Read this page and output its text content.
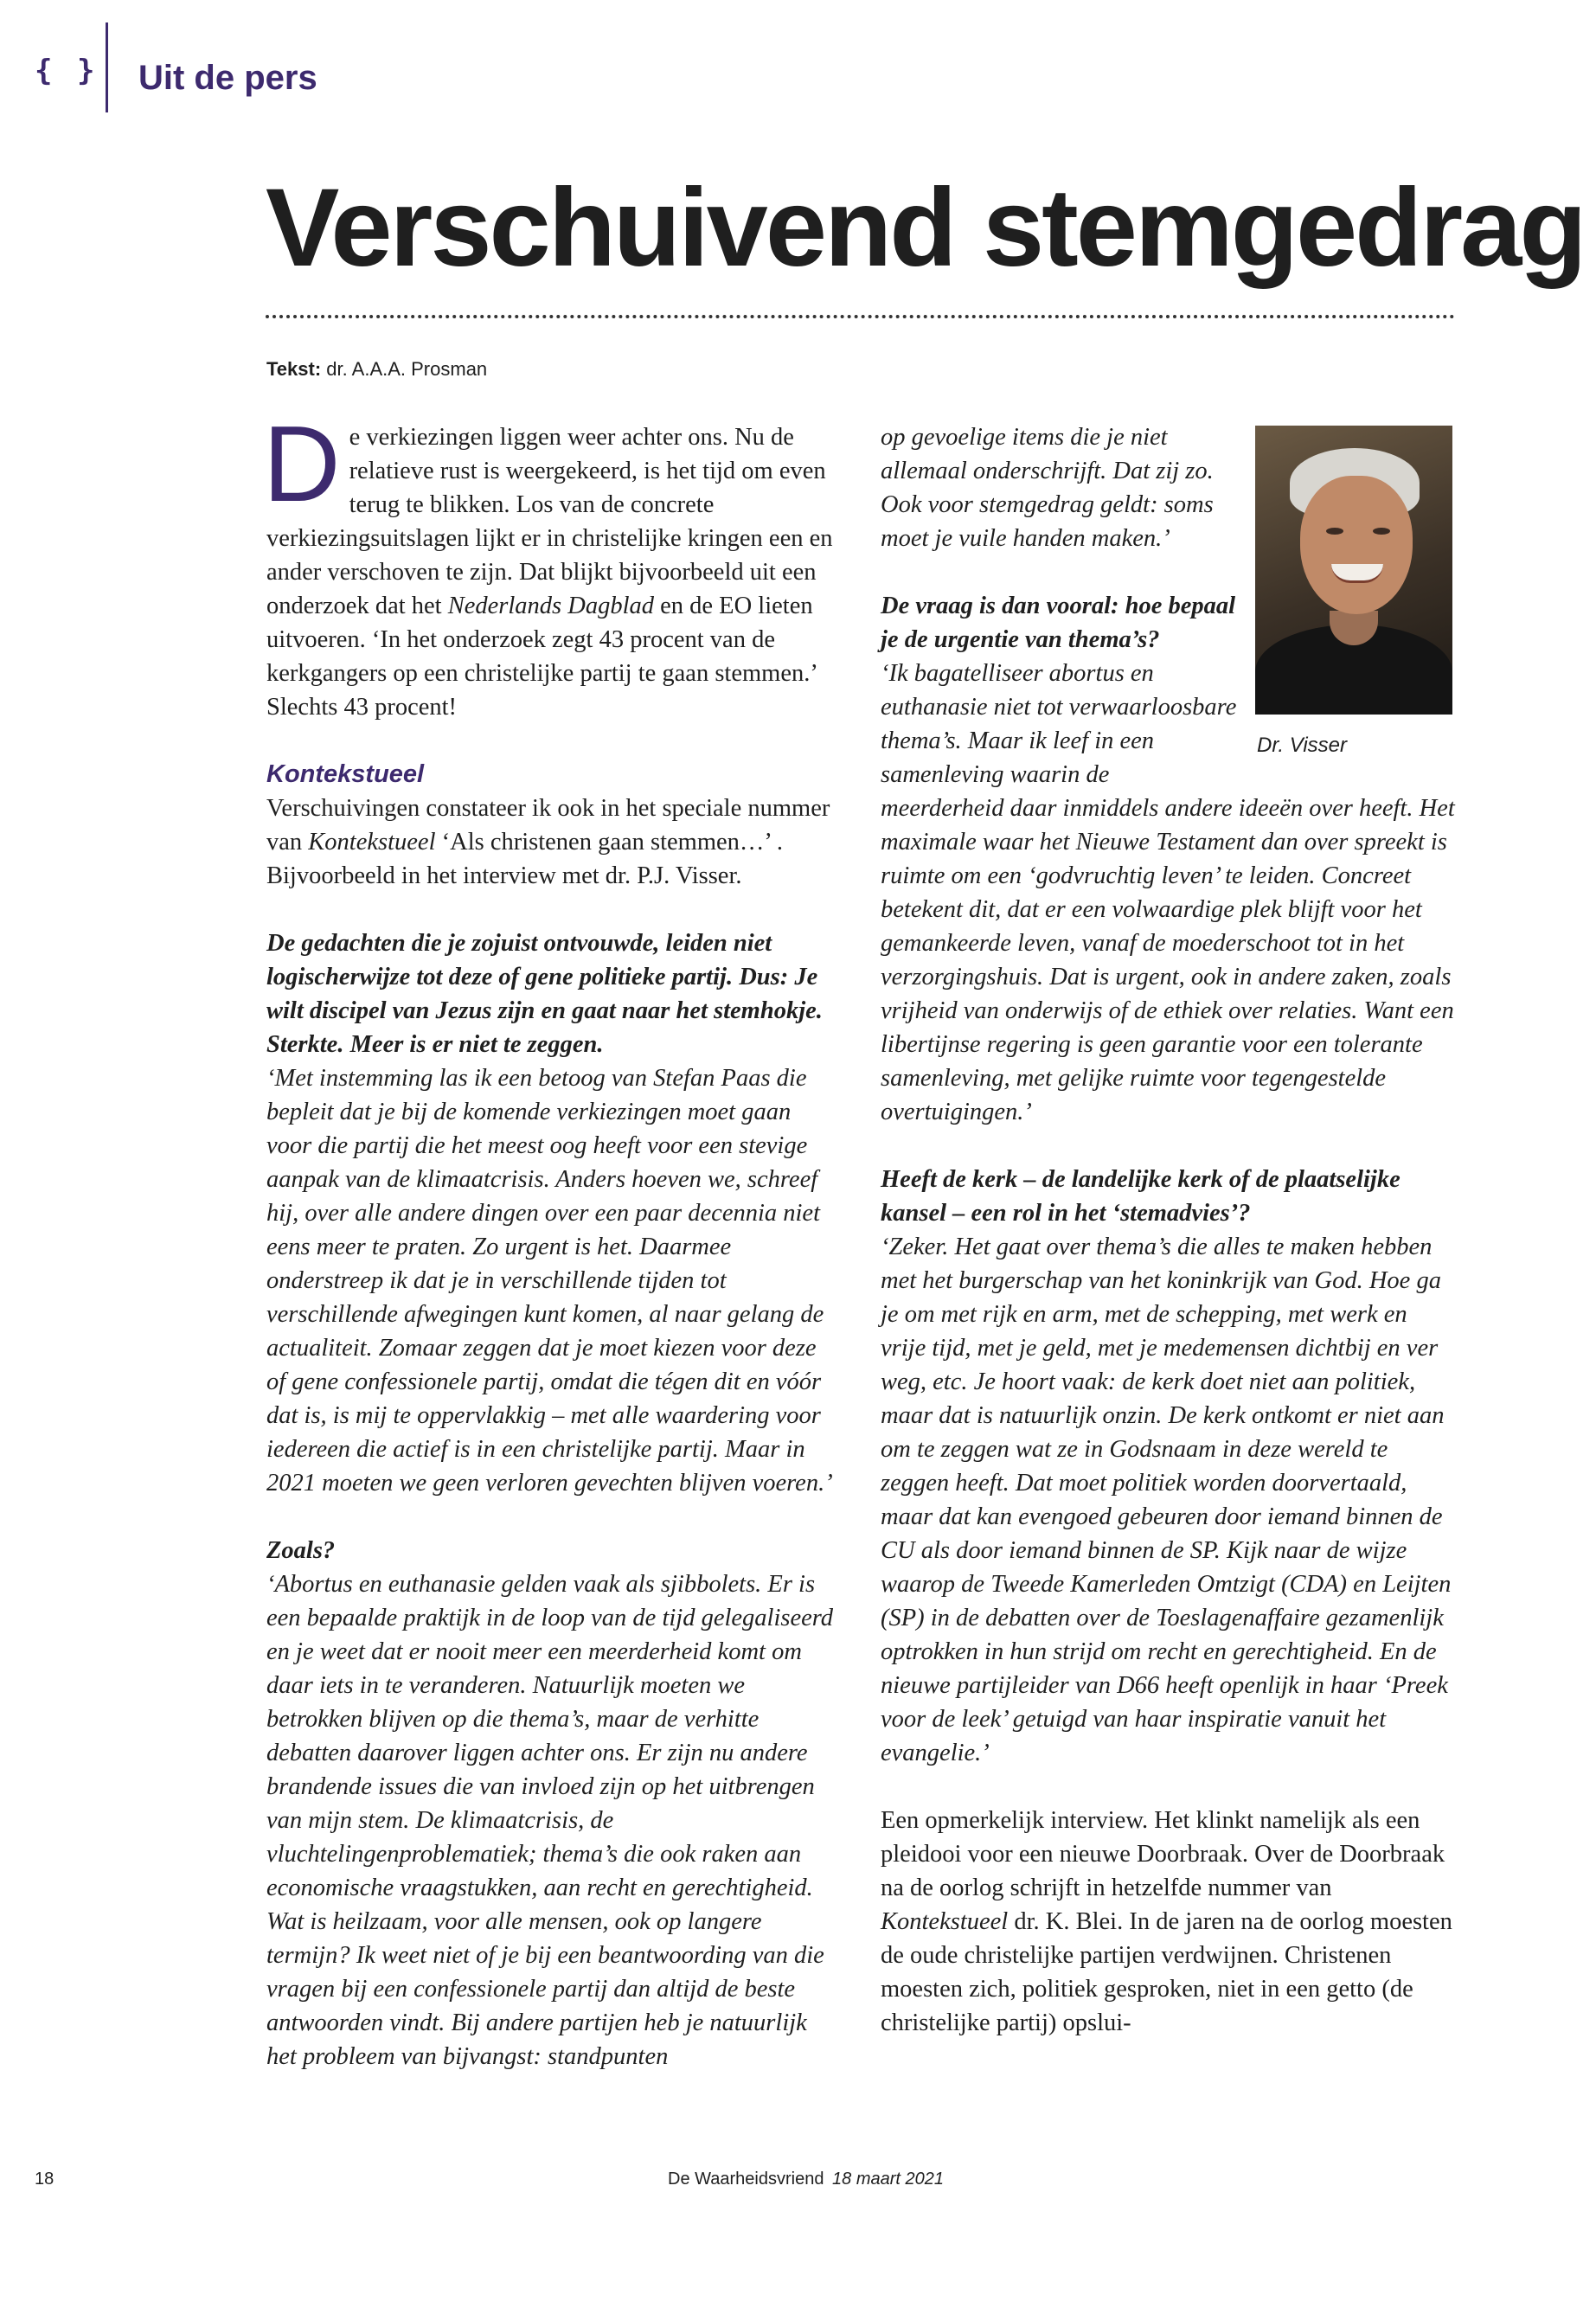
{ } Uit de pers
Verschuivend stemgedrag
Tekst: dr. A.A.A. Prosman

De verkiezingen liggen weer achter ons. Nu de relatieve rust is weergekeerd, is het tijd om even terug te blikken. Los van de concrete verkiezingsuitslagen lijkt er in christelijke kringen een en ander verschoven te zijn. Dat blijkt bijvoorbeeld uit een onderzoek dat het Nederlands Dagblad en de EO lieten uitvoeren. ‘In het onderzoek zegt 43 procent van de kerkgangers op een christelijke partij te gaan stemmen.’ Slechts 43 procent!

Kontekstueel

Verschuivingen constateer ik ook in het speciale nummer van Kontekstueel ‘Als christenen gaan stemmen…’ . Bijvoorbeeld in het interview met dr. P.J. Visser.

De gedachten die je zojuist ontvouwde, leiden niet logischerwijze tot deze of gene politieke partij. Dus: Je wilt discipel van Jezus zijn en gaat naar het stemhokje. Sterkte. Meer is er niet te zeggen.

‘Met instemming las ik een betoog van Stefan Paas die bepleit dat je bij de komende verkiezingen moet gaan voor die partij die het meest oog heeft voor een stevige aanpak van de klimaatcrisis. Anders hoeven we, schreef hij, over alle andere dingen over een paar decennia niet eens meer te praten. Zo urgent is het. Daarmee onderstreep ik dat je in verschillende tijden tot verschillende afwegingen kunt komen, al naar gelang de actualiteit. Zomaar zeggen dat je moet kiezen voor deze of gene confessionele partij, omdat die tégen dit en vóór dat is, is mij te oppervlakkig – met alle waardering voor iedereen die actief is in een christelijke partij. Maar in 2021 moeten we geen verloren gevechten blijven voeren.’

Zoals?

‘Abortus en euthanasie gelden vaak als sjibbolets. Er is een bepaalde praktijk in de loop van de tijd gelegaliseerd en je weet dat er nooit meer een meerderheid komt om daar iets in te veranderen. Natuurlijk moeten we betrokken blijven op die thema’s, maar de verhitte debatten daarover liggen achter ons. Er zijn nu andere brandende issues die van invloed zijn op het uitbrengen van mijn stem. De klimaatcrisis, de vluchtelingenproblematiek; thema’s die ook raken aan economische vraagstukken, aan recht en gerechtigheid. Wat is heilzaam, voor alle mensen, ook op langere termijn? Ik weet niet of je bij een beantwoording van die vragen bij een confessionele partij dan altijd de beste antwoorden vindt. Bij andere partijen heb je natuurlijk het probleem van bijvangst: standpunten

Dr. Visser

op gevoelige items die je niet allemaal onderschrijft. Dat zij zo. Ook voor stemgedrag geldt: soms moet je vuile handen maken.’

De vraag is dan vooral: hoe bepaal je de urgentie van thema’s?

‘Ik bagatelliseer abortus en euthanasie niet tot verwaarloosbare thema’s. Maar ik leef in een samenleving waarin de meerderheid daar inmiddels andere ideeën over heeft. Het maximale waar het Nieuwe Testament dan over spreekt is ruimte om een ‘godvruchtig leven’ te leiden. Concreet betekent dit, dat er een volwaardige plek blijft voor het gemankeerde leven, vanaf de moederschoot tot in het verzorgingshuis. Dat is urgent, ook in andere zaken, zoals vrijheid van onderwijs of de ethiek over relaties. Want een libertijnse regering is geen garantie voor een tolerante samenleving, met gelijke ruimte voor tegengestelde overtuigingen.’

Heeft de kerk – de landelijke kerk of de plaatselijke kansel – een rol in het ‘stemadvies’?

‘Zeker. Het gaat over thema’s die alles te maken hebben met het burgerschap van het koninkrijk van God. Hoe ga je om met rijk en arm, met de schepping, met werk en vrije tijd, met je geld, met je medemensen dichtbij en ver weg, etc. Je hoort vaak: de kerk doet niet aan politiek, maar dat is natuurlijk onzin. De kerk ontkomt er niet aan om te zeggen wat ze in Godsnaam in deze wereld te zeggen heeft. Dat moet politiek worden doorvertaald, maar dat kan evengoed gebeuren door iemand binnen de CU als door iemand binnen de SP. Kijk naar de wijze waarop de Tweede Kamerleden Omtzigt (CDA) en Leijten (SP) in de debatten over de Toeslagenaffaire gezamenlijk optrokken in hun strijd om recht en gerechtigheid. En de nieuwe partijleider van D66 heeft openlijk in haar ‘Preek voor de leek’ getuigd van haar inspiratie vanuit het evangelie.’

Een opmerkelijk interview. Het klinkt namelijk als een pleidooi voor een nieuwe Doorbraak. Over de Doorbraak na de oorlog schrijft in hetzelfde nummer van Kontekstueel dr. K. Blei. In de jaren na de oorlog moesten de oude christelijke partijen verdwijnen. Christenen moesten zich, politiek gesproken, niet in een getto (de christelijke partij) opslui-

18	De Waarheidsvriend 18 maart 2021
